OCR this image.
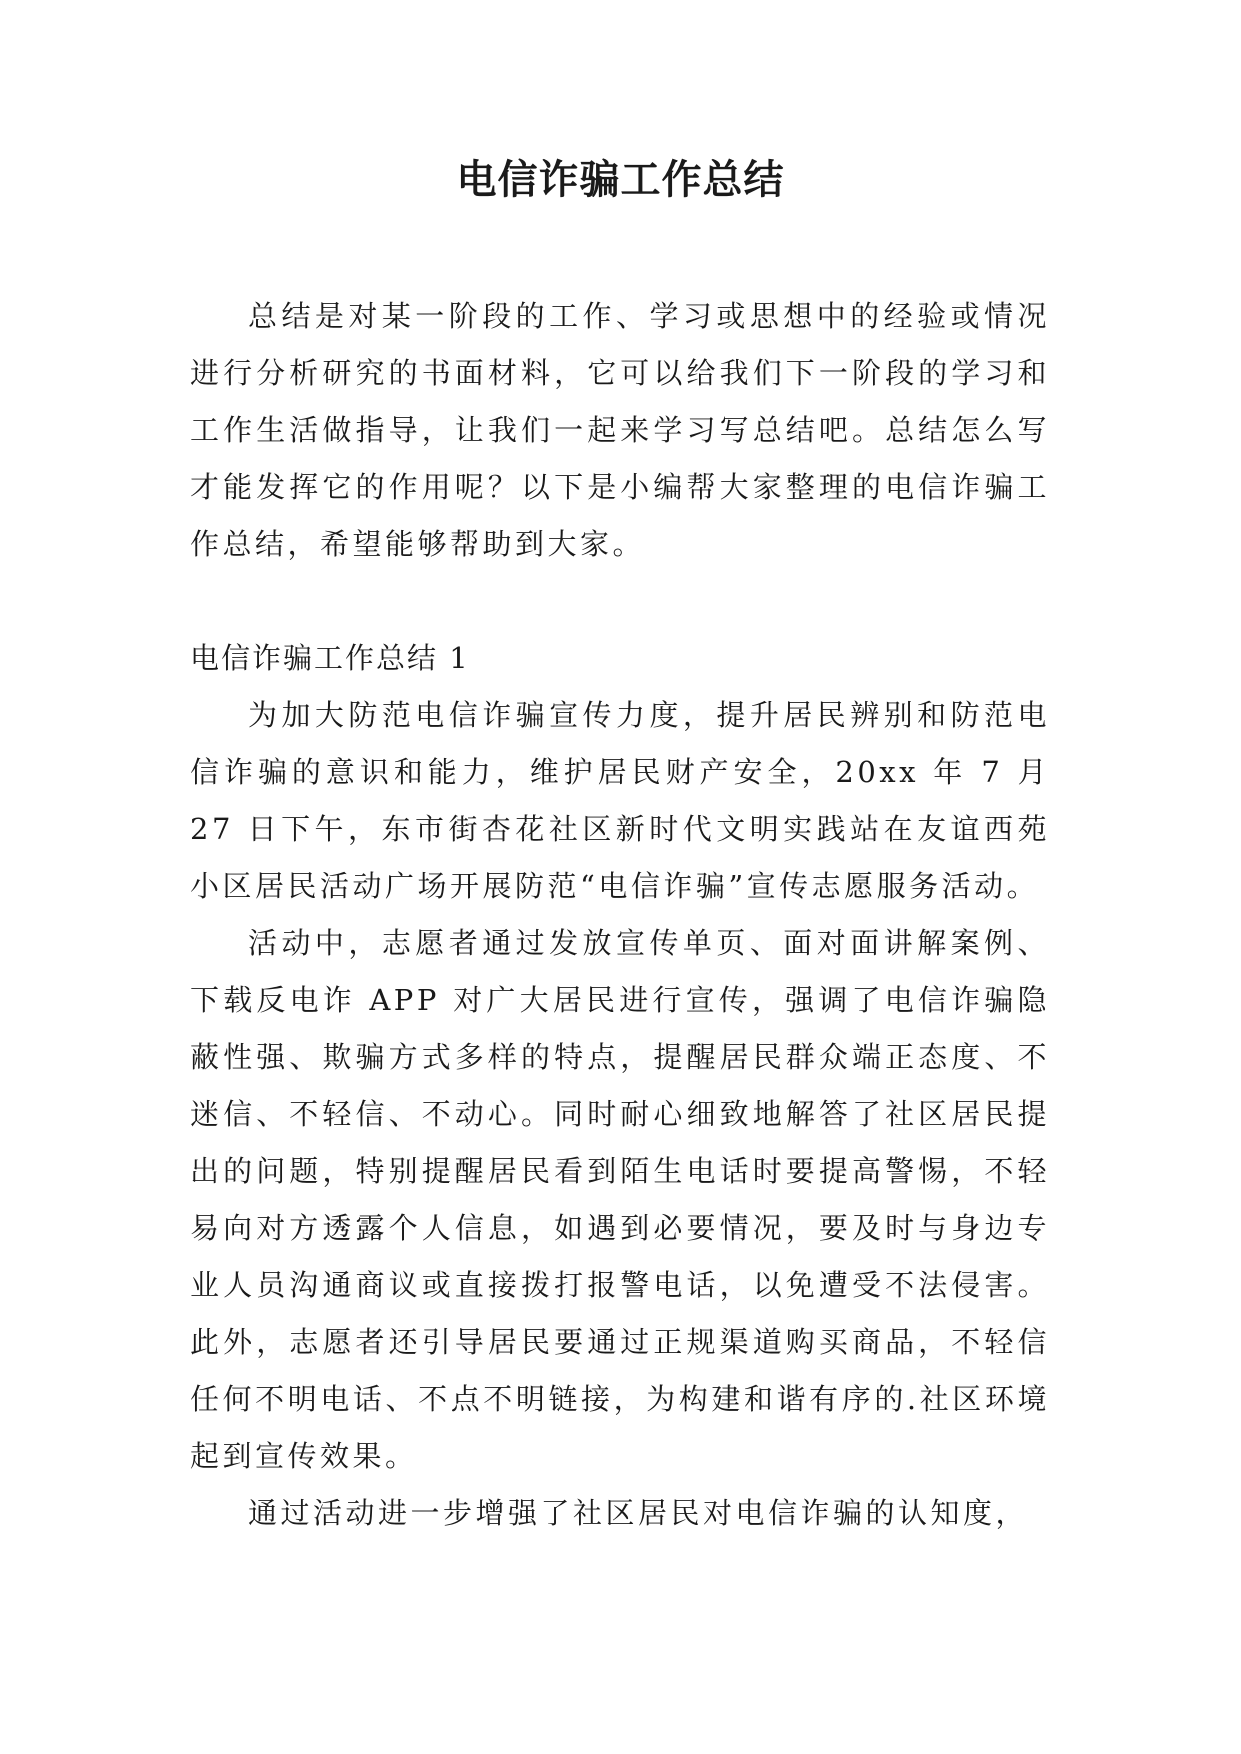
电信诈骗工作总结

总结是对某一阶段的工作、学习或思想中的经验或情况进行分析研究的书面材料，它可以给我们下一阶段的学习和工作生活做指导，让我们一起来学习写总结吧。总结怎么写才能发挥它的作用呢？以下是小编帮大家整理的电信诈骗工作总结，希望能够帮助到大家。

电信诈骗工作总结 1

为加大防范电信诈骗宣传力度，提升居民辨别和防范电信诈骗的意识和能力，维护居民财产安全，20xx 年 7 月 27 日下午，东市街杏花社区新时代文明实践站在友谊西苑小区居民活动广场开展防范“电信诈骗”宣传志愿服务活动。

活动中，志愿者通过发放宣传单页、面对面讲解案例、下载反电诈 APP 对广大居民进行宣传，强调了电信诈骗隐蔽性强、欺骗方式多样的特点，提醒居民群众端正态度、不迷信、不轻信、不动心。同时耐心细致地解答了社区居民提出的问题，特别提醒居民看到陌生电话时要提高警惕，不轻易向对方透露个人信息，如遇到必要情况，要及时与身边专业人员沟通商议或直接拨打报警电话，以免遭受不法侵害。此外，志愿者还引导居民要通过正规渠道购买商品，不轻信任何不明电话、不点不明链接，为构建和谐有序的.社区环境起到宣传效果。

通过活动进一步增强了社区居民对电信诈骗的认知度，
